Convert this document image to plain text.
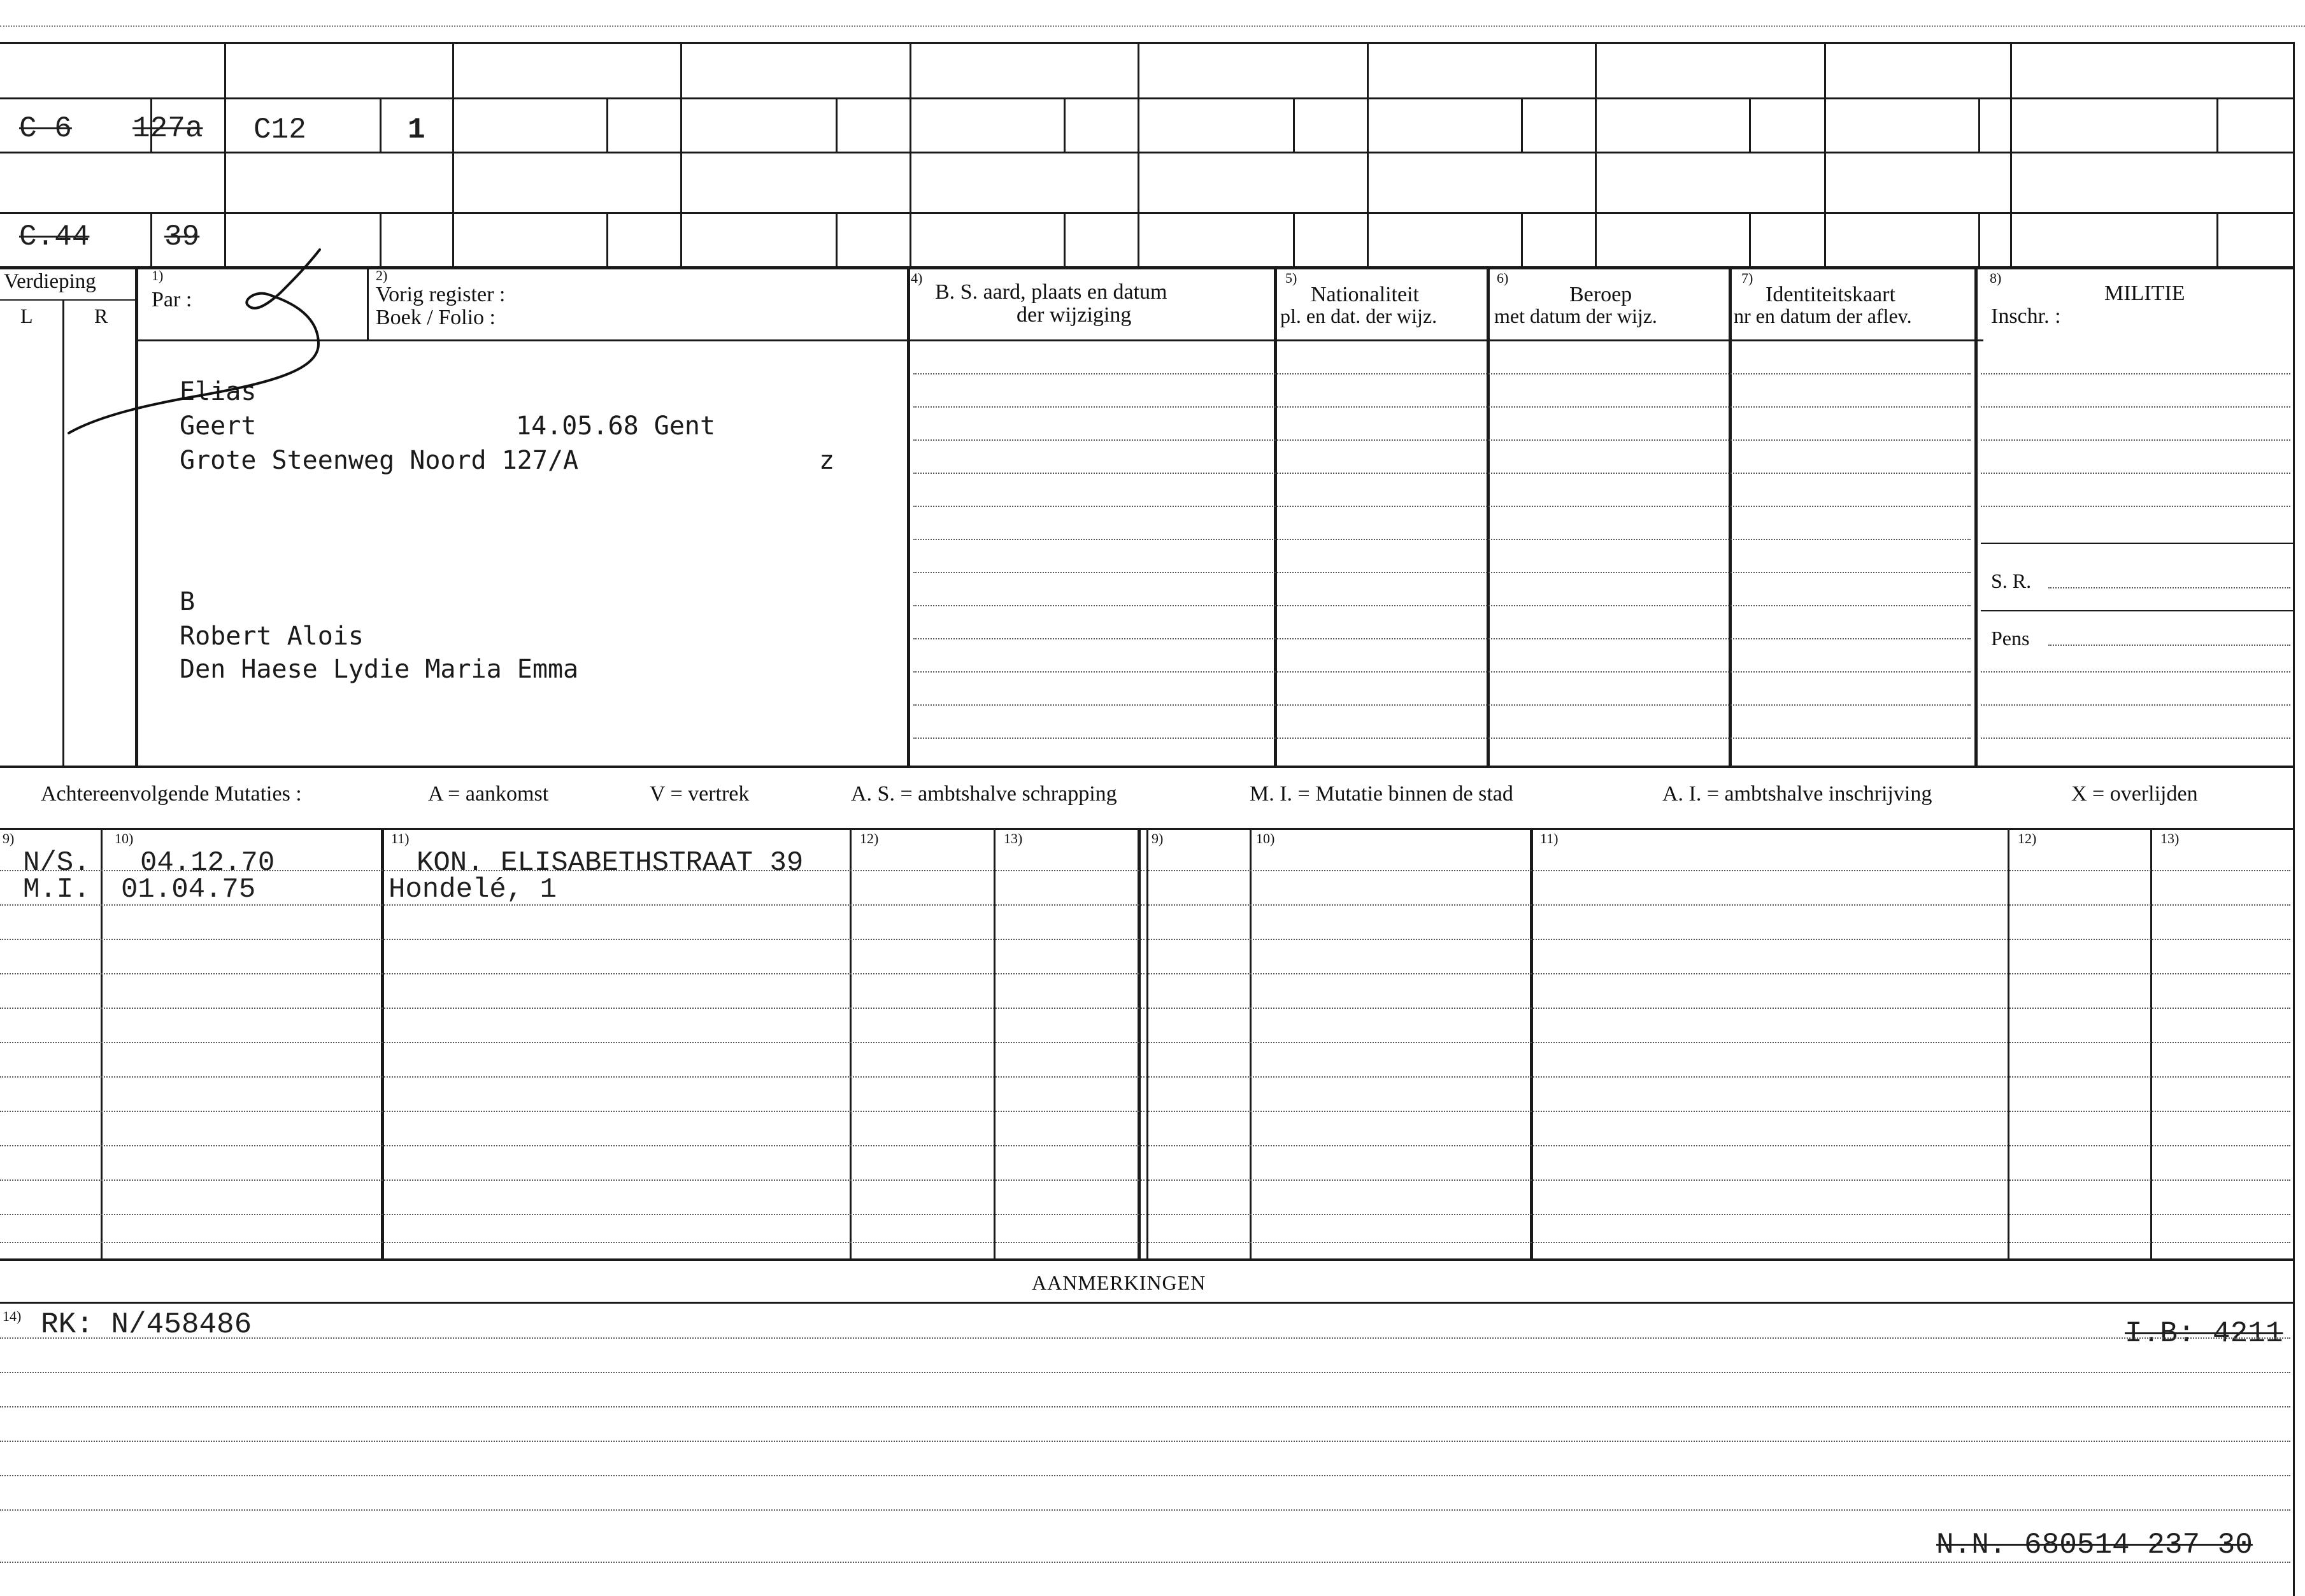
C 6 127a C12	1
C.44	39
Verdieping
L	R
1)
Par :
2)
Vorig register :
Boek / Folio :
4)
B. S. aard, plaats en datum
der wijziging
5)
Nationaliteit
pl. en dat. der wijz.
6)
Beroep
met datum der wijz.
7)
Identiteitskaart
nr en datum der aflev.
8)
MILITIE
Inschr. :
S. R.
Pens
Elias
Geert	14.05.68 Gent
Grote Steenweg Noord 127/A	z
B
Robert Alois
Den Haese Lydie Maria Emma
Achtereenvolgende Mutaties :	A = aankomst	V = vertrek	A. S. = ambtshalve schrapping	M. I. = Mutatie binnen de stad	A. I. = ambtshalve inschrijving	X = overlijden
9)	10)	11)	12)	13)	9)	10)	11)	12)	13)
N/S. 04.12.70	KON. ELISABETHSTRAAT 39
M.I. 01.04.75	Hondelé, 1
AANMERKINGEN
14) RK: N/458486	I.B: 4211
N.N. 680514 237 30
